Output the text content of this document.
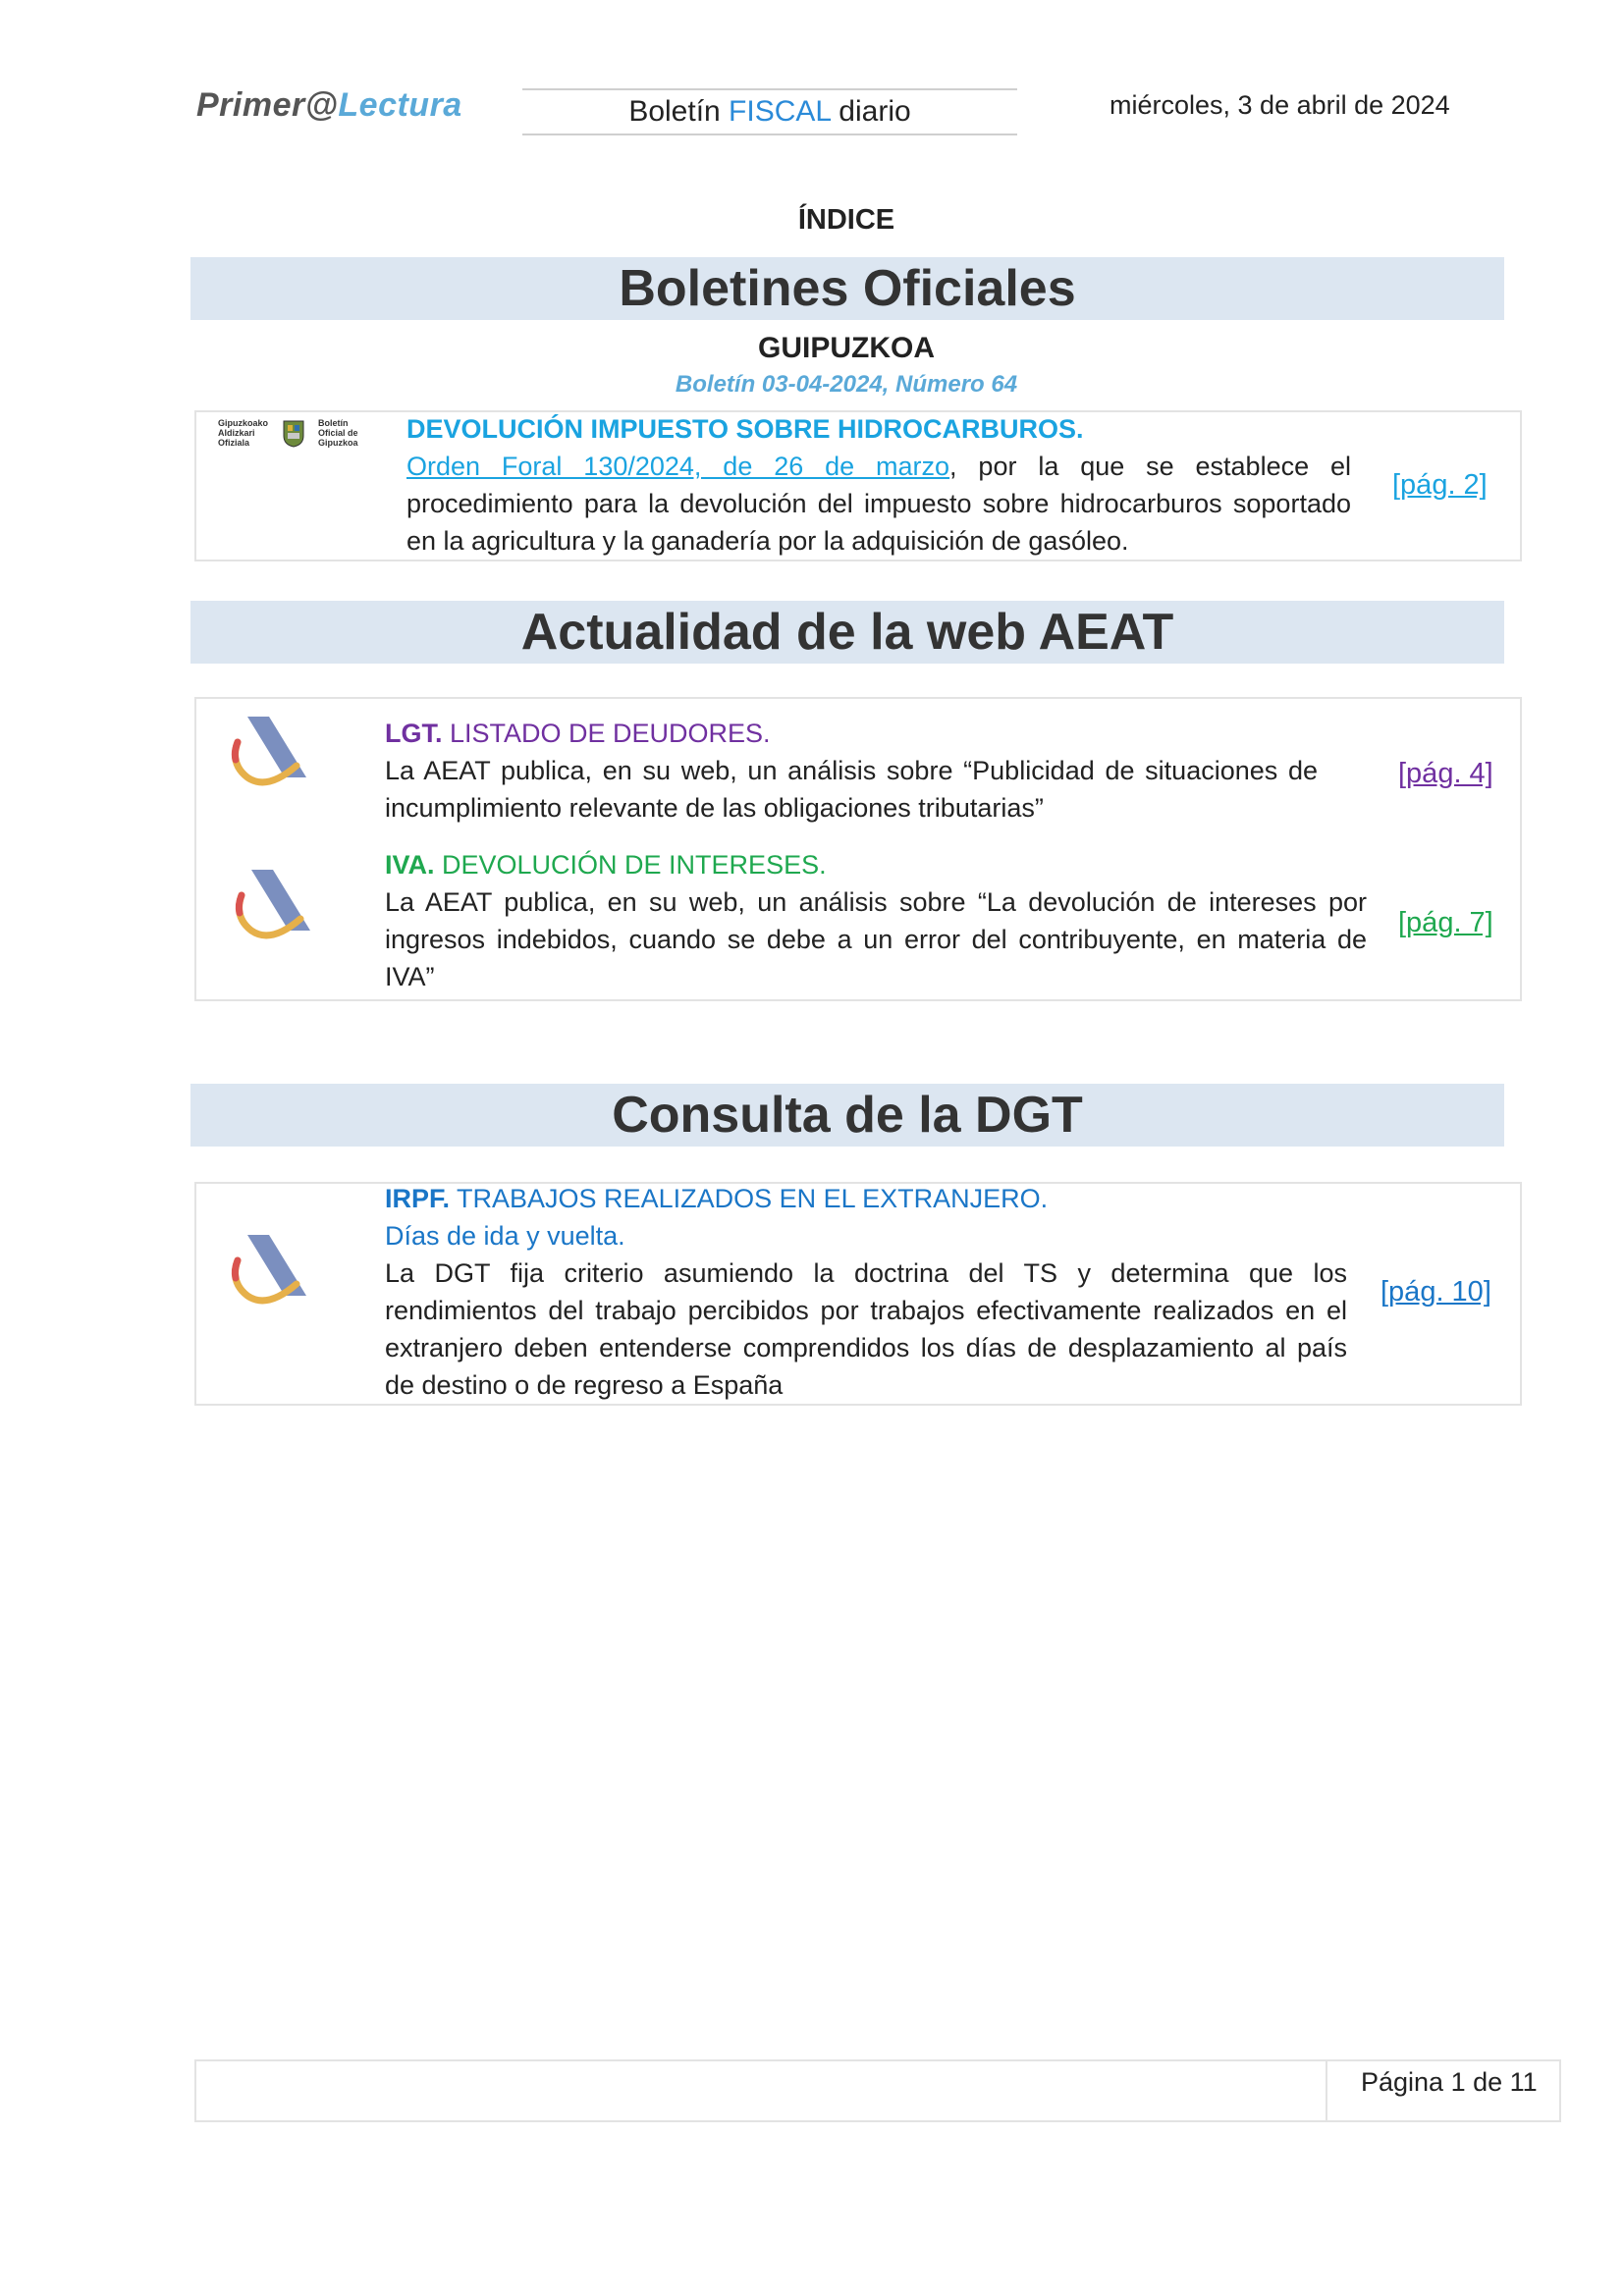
Primer@Lectura	Boletín FISCAL diario	miércoles, 3 de abril de 2024
ÍNDICE
Boletines Oficiales
GUIPUZKOA
Boletín 03-04-2024, Número 64
Gipuzkoako Aldizkari Ofiziala
Boletín Oficial de Gipuzkoa	DEVOLUCIÓN IMPUESTO SOBRE HIDROCARBUROS.
Orden Foral 130/2024, de 26 de marzo, por la que se establece el procedimiento para la devolución del impuesto sobre hidrocarburos soportado en la agricultura y la ganadería por la adquisición de gasóleo.
[pág. 2]
Actualidad de la web AEAT
LGT. LISTADO DE DEUDORES.
La AEAT publica, en su web, un análisis sobre “Publicidad de situaciones de incumplimiento relevante de las obligaciones tributarias”
[pág. 4]
IVA. DEVOLUCIÓN DE INTERESES.
La AEAT publica, en su web, un análisis sobre “La devolución de intereses por ingresos indebidos, cuando se debe a un error del contribuyente, en materia de IVA”
[pág. 7]
Consulta de la DGT
IRPF. TRABAJOS REALIZADOS EN EL EXTRANJERO.
Días de ida y vuelta.
La DGT fija criterio asumiendo la doctrina del TS y determina que los rendimientos del trabajo percibidos por trabajos efectivamente realizados en el extranjero deben entenderse comprendidos los días de desplazamiento al país de destino o de regreso a España
[pág. 10]
Página 1 de 11
